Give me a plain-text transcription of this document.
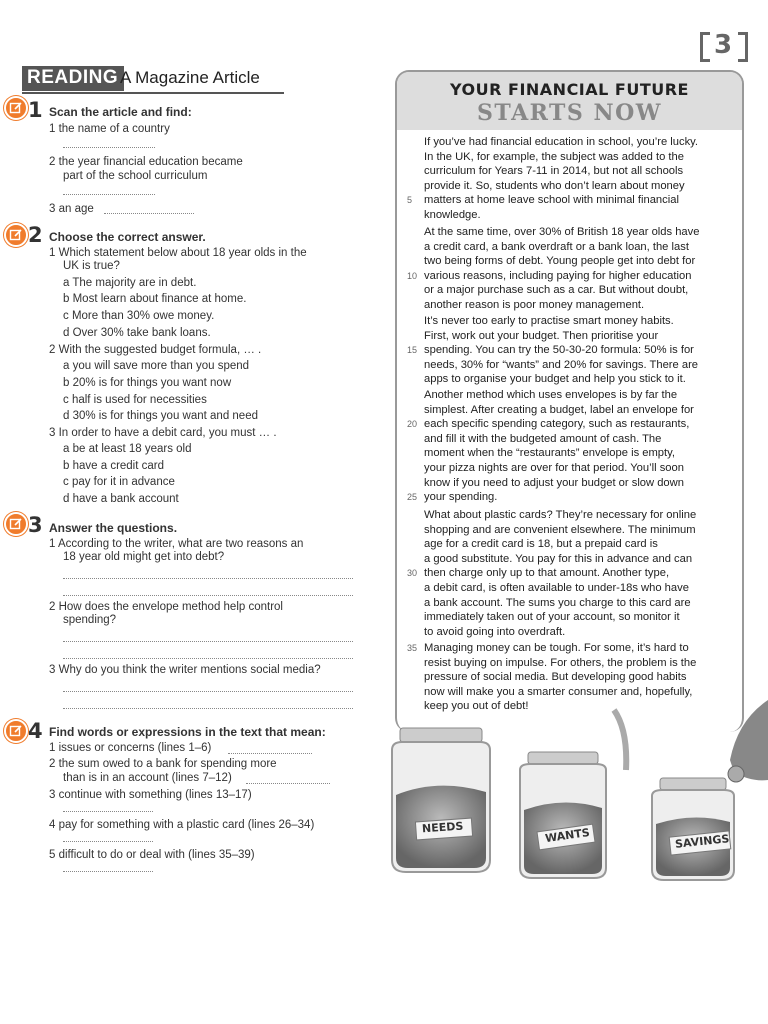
3
READING A Magazine Article
1 Scan the article and find:
1 the name of a country
2 the year financial education became
part of the school curriculum
3 an age
2 Choose the correct answer.
1 Which statement below about 18 year olds in the
UK is true?
a The majority are in debt.
b Most learn about finance at home.
c More than 30% owe money.
d Over 30% take bank loans.
2 With the suggested budget formula, … .
a you will save more than you spend
b 20% is for things you want now
c half is used for necessities
d 30% is for things you want and need
3 In order to have a debit card, you must … .
a be at least 18 years old
b have a credit card
c pay for it in advance
d have a bank account
3 Answer the questions.
1 According to the writer, what are two reasons an
18 year old might get into debt?
2 How does the envelope method help control
spending?
3 Why do you think the writer mentions social media?
4 Find words or expressions in the text that mean:
1 issues or concerns (lines 1–6)
2 the sum owed to a bank for spending more
than is in an account (lines 7–12)
3 continue with something (lines 13–17)
4 pay for something with a plastic card (lines 26–34)
5 difficult to do or deal with (lines 35–39)
YOUR FINANCIAL FUTURE
STARTS NOW
If you’ve had financial education in school, you’re lucky.
In the UK, for example, the subject was added to the
curriculum for Years 7-11 in 2014, but not all schools
provide it. So, students who don’t learn about money
matters at home leave school with minimal financial
knowledge.
At the same time, over 30% of British 18 year olds have
a credit card, a bank overdraft or a bank loan, the last
two being forms of debt. Young people get into debt for
various reasons, including paying for higher education
or a major purchase such as a car. But without doubt,
another reason is poor money management.
It’s never too early to practise smart money habits.
First, work out your budget. Then prioritise your
spending. You can try the 50-30-20 formula: 50% is for
needs, 30% for “wants” and 20% for savings. There are
apps to organise your budget and help you stick to it.
Another method which uses envelopes is by far the
simplest. After creating a budget, label an envelope for
each specific spending category, such as restaurants,
and fill it with the budgeted amount of cash. The
moment when the “restaurants” envelope is empty,
your pizza nights are over for that period. You’ll soon
know if you need to adjust your budget or slow down
your spending.
What about plastic cards? They’re necessary for online
shopping and are convenient elsewhere. The minimum
age for a credit card is 18, but a prepaid card is
a good substitute. You pay for this in advance and can
then charge only up to that amount. Another type,
a debit card, is often available to under-18s who have
a bank account. The sums you charge to this card are
immediately taken out of your account, so monitor it
to avoid going into overdraft.
Managing money can be tough. For some, it’s hard to
resist buying on impulse. For others, the problem is the
pressure of social media. But developing good habits
now will make you a smarter consumer and, hopefully,
keep you out of debt!
5
10
15
20
25
30
35
NEEDS	WANTS	SAVINGS
